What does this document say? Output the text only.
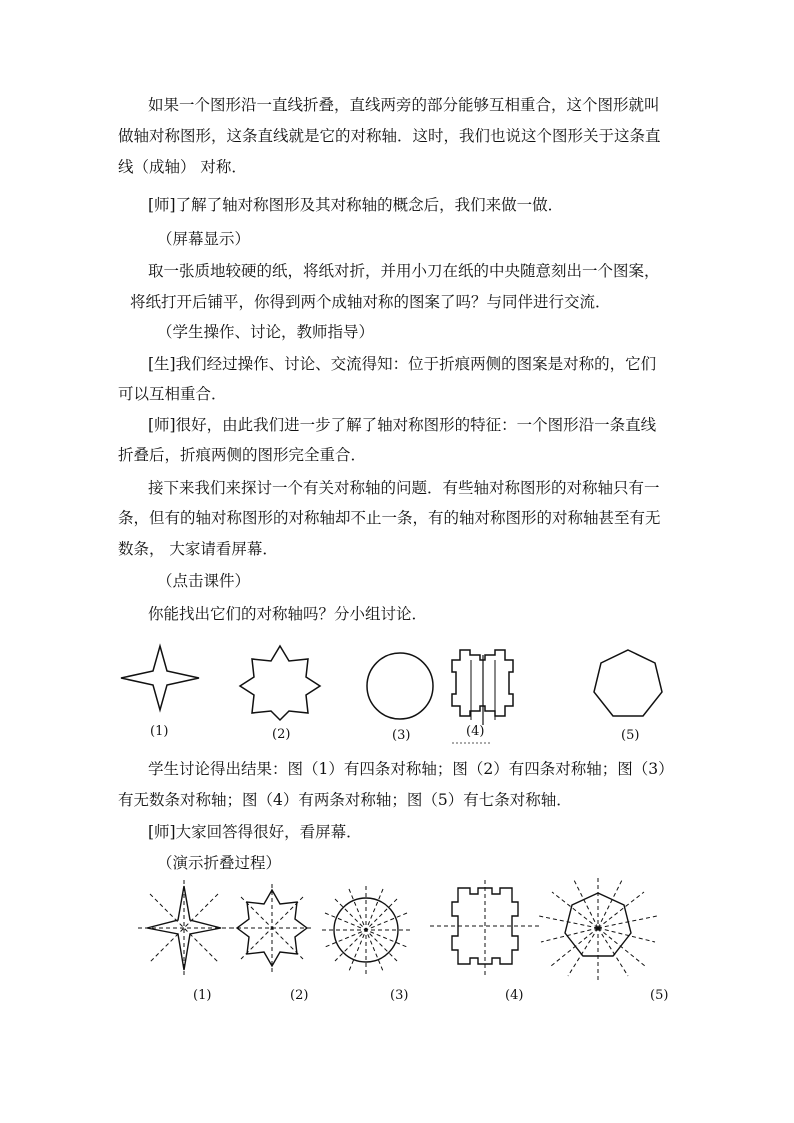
如果一个图形沿一直线折叠，直线两旁的部分能够互相重合，这个图形就叫
做轴对称图形，这条直线就是它的对称轴．这时，我们也说这个图形关于这条直
线（成轴） 对称．
[师]了解了轴对称图形及其对称轴的概念后，我们来做一做．
（屏幕显示）
取一张质地较硬的纸，将纸对折，并用小刀在纸的中央随意刻出一个图案，
将纸打开后铺平，你得到两个成轴对称的图案了吗？与同伴进行交流．
（学生操作、讨论，教师指导）
[生]我们经过操作、讨论、交流得知：位于折痕两侧的图案是对称的，它们
可以互相重合．
[师]很好，由此我们进一步了解了轴对称图形的特征：一个图形沿一条直线
折叠后，折痕两侧的图形完全重合．
接下来我们来探讨一个有关对称轴的问题．有些轴对称图形的对称轴只有一
条，但有的轴对称图形的对称轴却不止一条，有的轴对称图形的对称轴甚至有无
数条， 大家请看屏幕．
（点击课件）
你能找出它们的对称轴吗？分小组讨论．
(1)	(2)	(3)	(4)	(5)
学生讨论得出结果：图（1）有四条对称轴；图（2）有四条对称轴；图（3）
有无数条对称轴；图（4）有两条对称轴；图（5）有七条对称轴．
[师]大家回答得很好，看屏幕．
（演示折叠过程）
(1)	(2)	(3)	(4)	(5)
